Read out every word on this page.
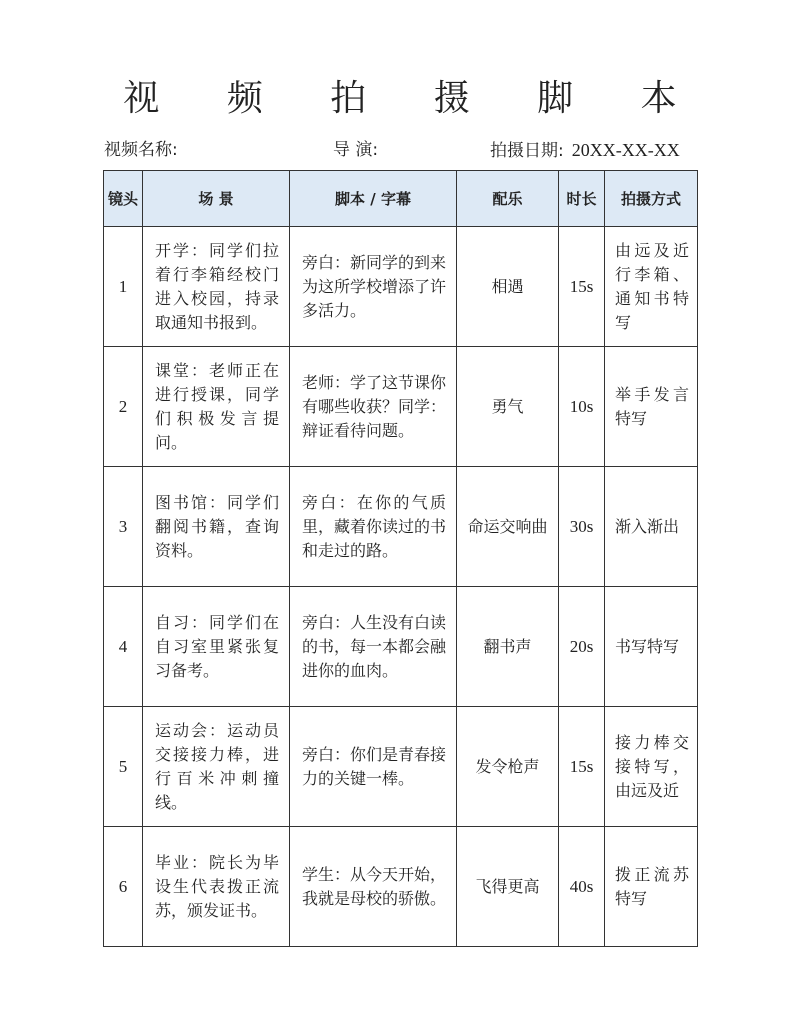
视 频 拍 摄 脚 本
视频名称:	导 演:	拍摄日期: 20XX-XX-XX
镜头	场 景	脚本 / 字幕	配乐	时长	拍摄方式
1	开学：同学们拉着行李箱经校门进入校园，持录取通知书报到。	旁白：新同学的到来为这所学校增添了许多活力。	相遇	15s	由远及近行李箱、通知书特写
2	课堂：老师正在进行授课，同学们积极发言提问。	老师：学了这节课你有哪些收获？同学：辩证看待问题。	勇气	10s	举手发言特写
3	图书馆：同学们翻阅书籍，查询资料。	旁白：在你的气质里，藏着你读过的书和走过的路。	命运交响曲	30s	渐入渐出
4	自习：同学们在自习室里紧张复习备考。	旁白：人生没有白读的书，每一本都会融进你的血肉。	翻书声	20s	书写特写
5	运动会：运动员交接接力棒，进行百米冲刺撞线。	旁白：你们是青春接力的关键一棒。	发令枪声	15s	接力棒交接特写，由远及近
6	毕业：院长为毕设生代表拨正流苏，颁发证书。	学生：从今天开始，我就是母校的骄傲。	飞得更高	40s	拨正流苏特写
